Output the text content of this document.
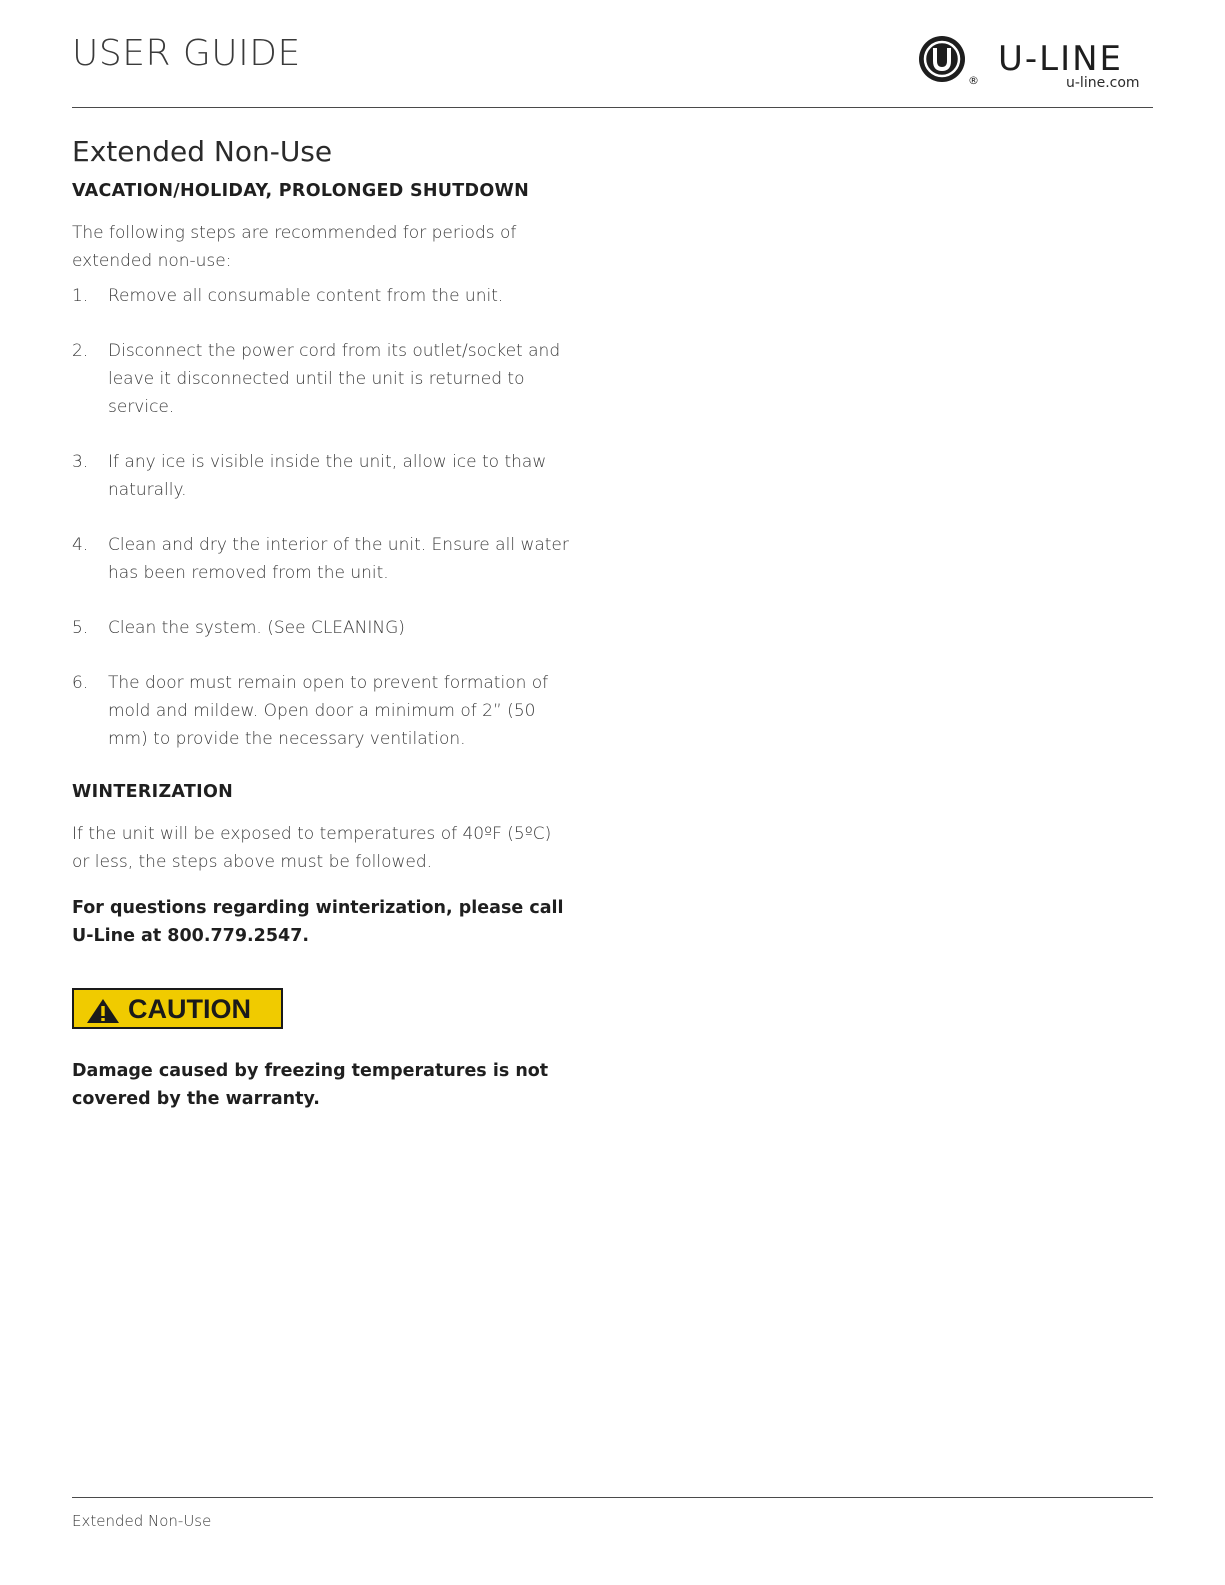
USER GUIDE
®
U-LINE
u-line.com
Extended Non-Use
VACATION/HOLIDAY, PROLONGED SHUTDOWN

The following steps are recommended for periods of extended non-use:

1. Remove all consumable content from the unit.
2. Disconnect the power cord from its outlet/socket and leave it disconnected until the unit is returned to service.
3. If any ice is visible inside the unit, allow ice to thaw naturally.
4. Clean and dry the interior of the unit. Ensure all water has been removed from the unit.
5. Clean the system. (See CLEANING)
6. The door must remain open to prevent formation of mold and mildew. Open door a minimum of 2” (50 mm) to provide the necessary ventilation.
WINTERIZATION

If the unit will be exposed to temperatures of 40ºF (5ºC) or less, the steps above must be followed.

For questions regarding winterization, please call U-Line at 800.779.2547.

CAUTION

Damage caused by freezing temperatures is not covered by the warranty.

Extended Non-Use
